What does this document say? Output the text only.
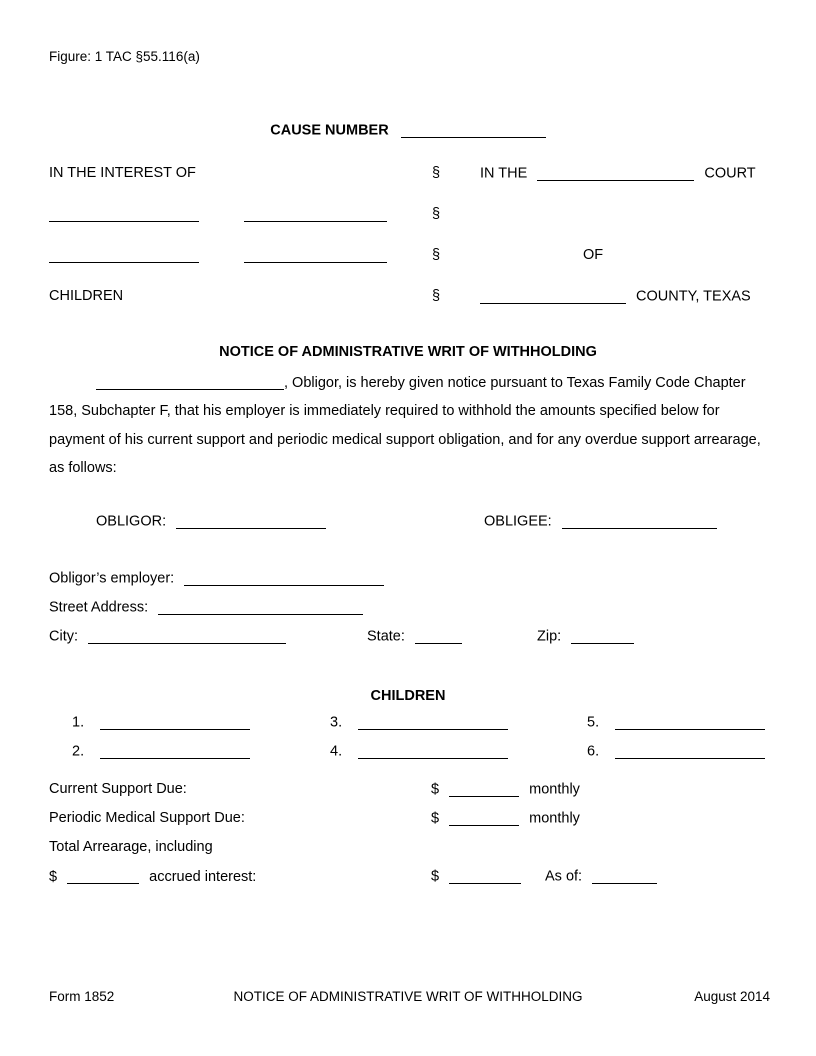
Figure: 1 TAC §55.116(a)
CAUSE NUMBER
IN THE INTEREST OF	§	IN THE	COURT

§

§	OF
CHILDREN	§	COUNTY, TEXAS
NOTICE OF ADMINISTRATIVE WRIT OF WITHHOLDING
, Obligor, is hereby given notice pursuant to Texas Family Code Chapter 158, Subchapter F, that his employer is immediately required to withhold the amounts specified below for payment of his current support and periodic medical support obligation, and for any overdue support arrearage, as follows:
OBLIGOR:	OBLIGEE:
Obligor’s employer:
Street Address:
City:	State:	Zip:
CHILDREN
1.	3.	5.
2.	4.	6.
Current Support Due:	$	monthly
Periodic Medical Support Due:	$	monthly
Total Arrearage, including
$	accrued interest:	$	As of:
Form 1852	NOTICE OF ADMINISTRATIVE WRIT OF WITHHOLDING	August 2014
